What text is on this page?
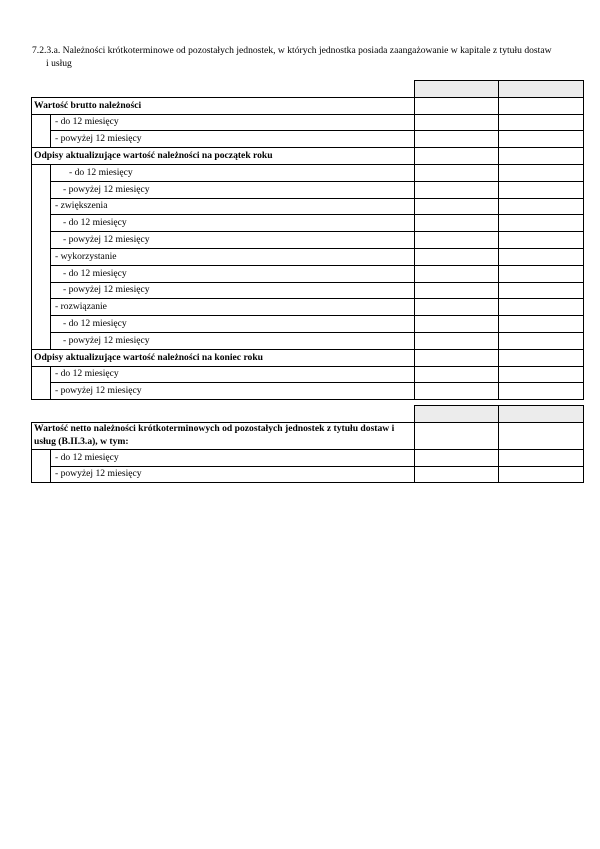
7.2.3.a. Należności krótkoterminowe od pozostałych jednostek, w których jednostka posiada zaangażowanie w kapitale z tytułu dostaw
i usług

Wartość brutto należności			
	- do 12 miesięcy		
	- powyżej 12 miesięcy		
Odpisy aktualizujące wartość należności na początek roku			
	- do 12 miesięcy		
	- powyżej 12 miesięcy		
	- zwiększenia		
	- do 12 miesięcy		
	- powyżej 12 miesięcy		
	- wykorzystanie		
	- do 12 miesięcy		
	- powyżej 12 miesięcy		
	- rozwiązanie		
	- do 12 miesięcy		
	- powyżej 12 miesięcy		
Odpisy aktualizujące wartość należności na koniec roku			
	- do 12 miesięcy		
	- powyżej 12 miesięcy		

Wartość netto należności krótkoterminowych od pozostałych jednostek z tytułu dostaw i usług (B.II.3.a), w tym:			
	- do 12 miesięcy		
	- powyżej 12 miesięcy		
